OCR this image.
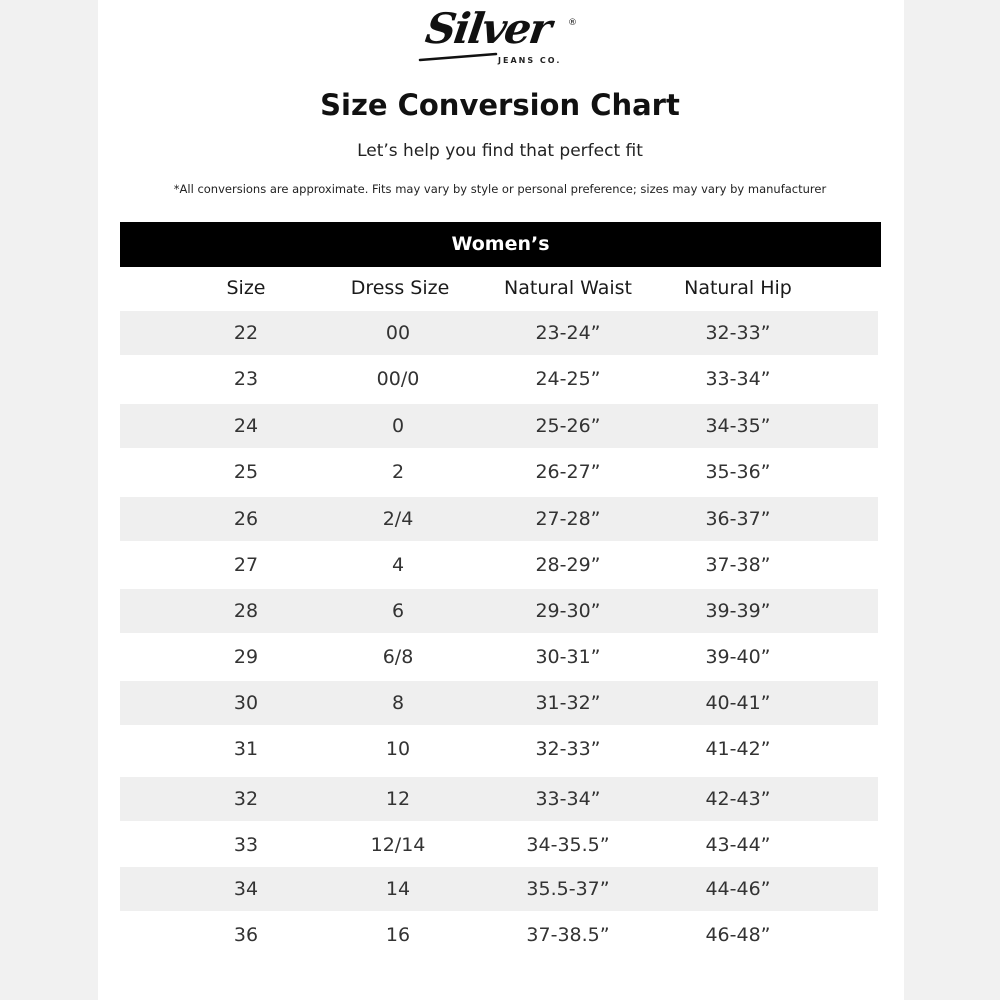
Silver ®
JEANS CO.
Size Conversion Chart
Let’s help you find that perfect fit
*All conversions are approximate. Fits may vary by style or personal preference; sizes may vary by manufacturer
Women’s
Size	Dress Size	Natural Waist	Natural Hip
22	00	23-24”	32-33”
23	00/0	24-25”	33-34”
24	0	25-26”	34-35”
25	2	26-27”	35-36”
26	2/4	27-28”	36-37”
27	4	28-29”	37-38”
28	6	29-30”	39-39”
29	6/8	30-31”	39-40”
30	8	31-32”	40-41”
31	10	32-33”	41-42”
32	12	33-34”	42-43”
33	12/14	34-35.5”	43-44”
34	14	35.5-37”	44-46”
36	16	37-38.5”	46-48”
